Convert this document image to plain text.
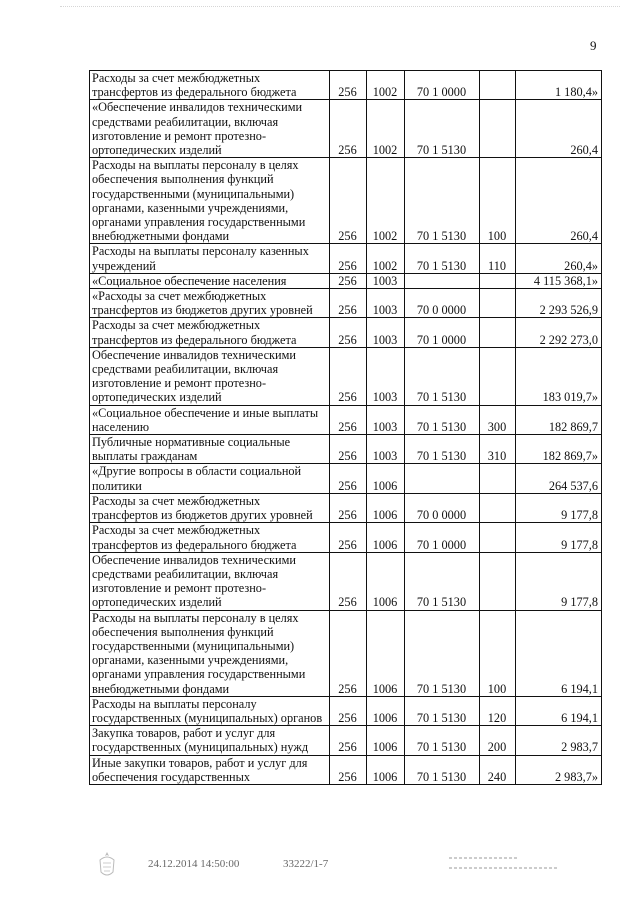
9
Расходы за счет межбюджетных трансфертов из федерального бюджета	256	1002	70 1 0000		1 180,4»
«Обеспечение инвалидов техническими средствами реабилитации, включая изготовление и ремонт протезно-ортопедических изделий	256	1002	70 1 5130		260,4
Расходы на выплаты персоналу в целях обеспечения выполнения функций государственными (муниципальными) органами, казенными учреждениями, органами управления государственными внебюджетными фондами	256	1002	70 1 5130	100	260,4
Расходы на выплаты персоналу казенных учреждений	256	1002	70 1 5130	110	260,4»
«Социальное обеспечение населения	256	1003			4 115 368,1»
«Расходы за счет межбюджетных трансфертов из бюджетов других уровней	256	1003	70 0 0000		2 293 526,9
Расходы за счет межбюджетных трансфертов из федерального бюджета	256	1003	70 1 0000		2 292 273,0
Обеспечение инвалидов техническими средствами реабилитации, включая изготовление и ремонт протезно-ортопедических изделий	256	1003	70 1 5130		183 019,7»
«Социальное обеспечение и иные выплаты населению	256	1003	70 1 5130	300	182 869,7
Публичные нормативные социальные выплаты гражданам	256	1003	70 1 5130	310	182 869,7»
«Другие вопросы в области социальной политики	256	1006			264 537,6
Расходы за счет межбюджетных трансфертов из бюджетов других уровней	256	1006	70 0 0000		9 177,8
Расходы за счет межбюджетных трансфертов из федерального бюджета	256	1006	70 1 0000		9 177,8
Обеспечение инвалидов техническими средствами реабилитации, включая изготовление и ремонт протезно-ортопедических изделий	256	1006	70 1 5130		9 177,8
Расходы на выплаты персоналу в целях обеспечения выполнения функций государственными (муниципальными) органами, казенными учреждениями, органами управления государственными внебюджетными фондами	256	1006	70 1 5130	100	6 194,1
Расходы на выплаты персоналу государственных (муниципальных) органов	256	1006	70 1 5130	120	6 194,1
Закупка товаров, работ и услуг для государственных (муниципальных) нужд	256	1006	70 1 5130	200	2 983,7
Иные закупки товаров, работ и услуг для обеспечения государственных	256	1006	70 1 5130	240	2 983,7»
24.12.2014 14:50:00	33222/1-7
